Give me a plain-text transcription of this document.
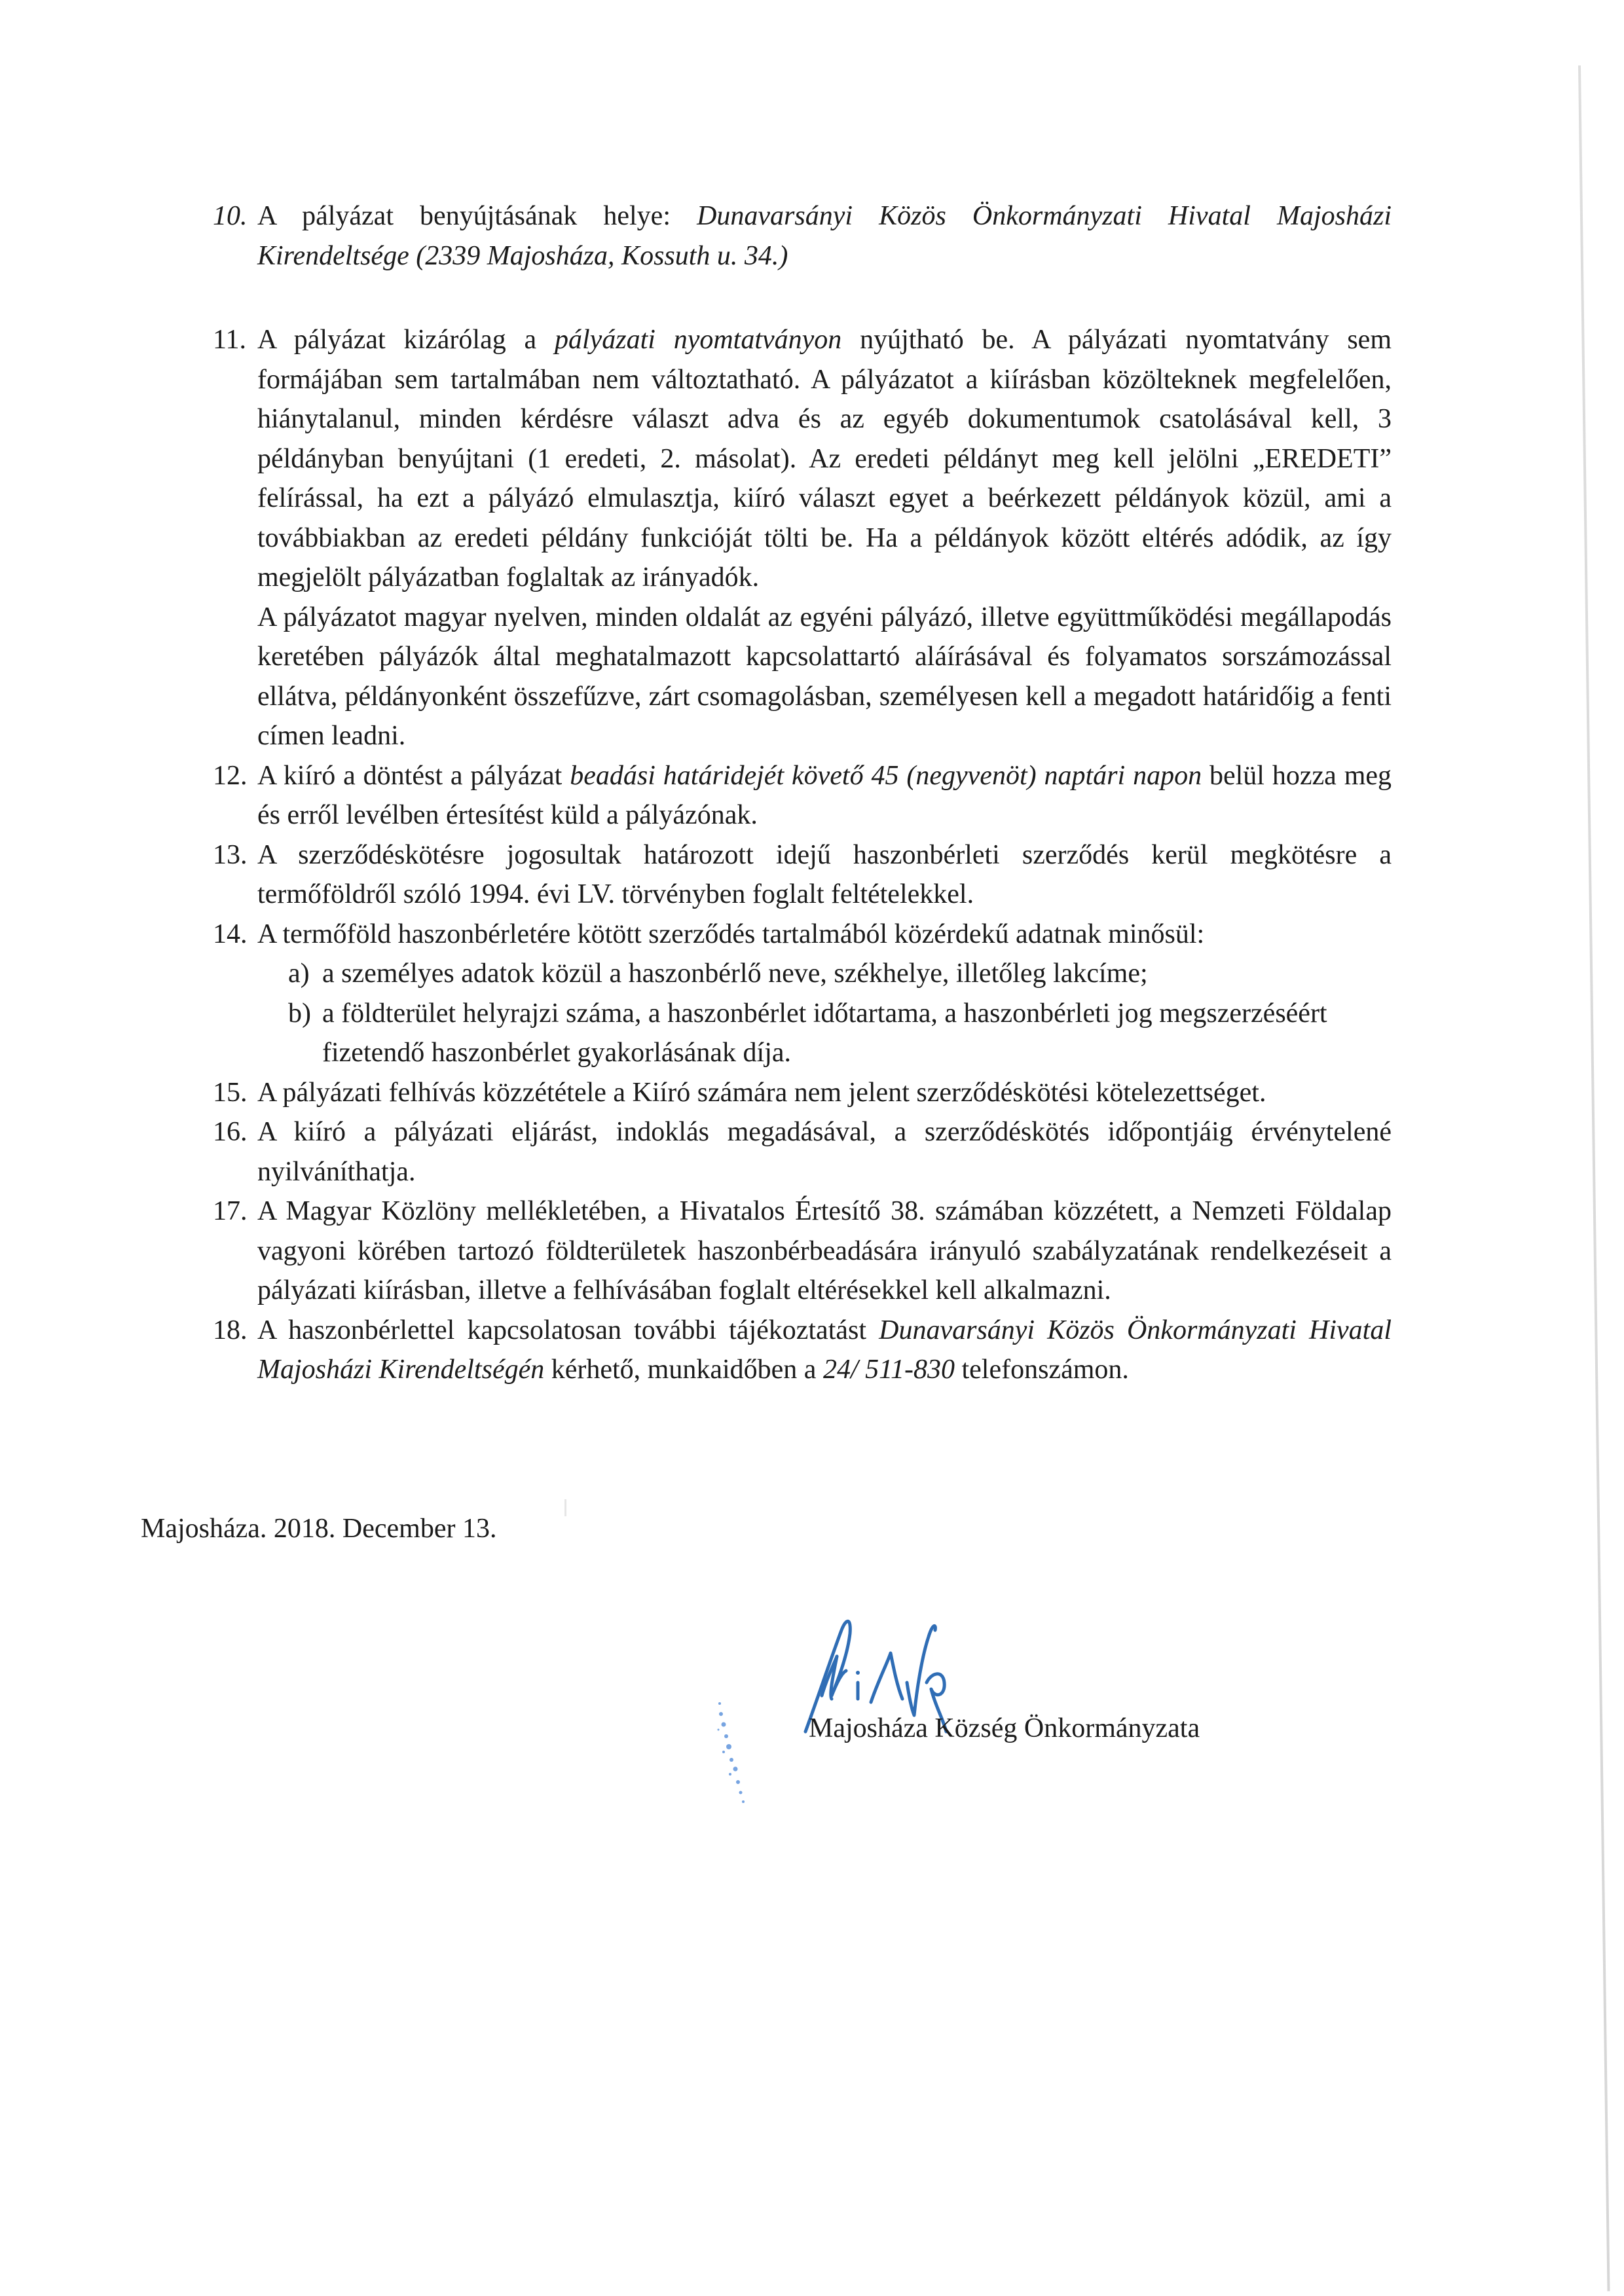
10. A pályázat benyújtásának helye: Dunavarsányi Közös Önkormányzati Hivatal Majosházi Kirendeltsége (2339 Majosháza, Kossuth u. 34.)
11. A pályázat kizárólag a pályázati nyomtatványon nyújtható be. A pályázati nyomtatvány sem formájában sem tartalmában nem változtatható. A pályázatot a kiírásban közölteknek megfelelően, hiánytalanul, minden kérdésre választ adva és az egyéb dokumentumok csatolásával kell, 3 példányban benyújtani (1 eredeti, 2. másolat). Az eredeti példányt meg kell jelölni „EREDETI” felírással, ha ezt a pályázó elmulasztja, kiíró választ egyet a beérkezett példányok közül, ami a továbbiakban az eredeti példány funkcióját tölti be. Ha a példányok között eltérés adódik, az így megjelölt pályázatban foglaltak az irányadók.
A pályázatot magyar nyelven, minden oldalát az egyéni pályázó, illetve együttműködési megállapodás keretében pályázók által meghatalmazott kapcsolattartó aláírásával és folyamatos sorszámozással ellátva, példányonként összefűzve, zárt csomagolásban, személyesen kell a megadott határidőig a fenti címen leadni.
12. A kiíró a döntést a pályázat beadási határidejét követő 45 (negyvenöt) naptári napon belül hozza meg és erről levélben értesítést küld a pályázónak.
13. A szerződéskötésre jogosultak határozott idejű haszonbérleti szerződés kerül megkötésre a termőföldről szóló 1994. évi LV. törvényben foglalt feltételekkel.
14. A termőföld haszonbérletére kötött szerződés tartalmából közérdekű adatnak minősül:
a) a személyes adatok közül a haszonbérlő neve, székhelye, illetőleg lakcíme;
b) a földterület helyrajzi száma, a haszonbérlet időtartama, a haszonbérleti jog megszerzéséért fizetendő haszonbérlet gyakorlásának díja.
15. A pályázati felhívás közzététele a Kiíró számára nem jelent szerződéskötési kötelezettséget.
16. A kiíró a pályázati eljárást, indoklás megadásával, a szerződéskötés időpontjáig érvénytelené nyilváníthatja.
17. A Magyar Közlöny mellékletében, a Hivatalos Értesítő 38. számában közzétett, a Nemzeti Földalap vagyoni körében tartozó földterületek haszonbérbeadására irányuló szabályzatának rendelkezéseit a pályázati kiírásban, illetve a felhívásában foglalt eltérésekkel kell alkalmazni.
18. A haszonbérlettel kapcsolatosan további tájékoztatást Dunavarsányi Közös Önkormányzati Hivatal Majosházi Kirendeltségén kérhető, munkaidőben a 24/ 511-830 telefonszámon.
Majosháza. 2018. December 13.
Majosháza Község Önkormányzata
